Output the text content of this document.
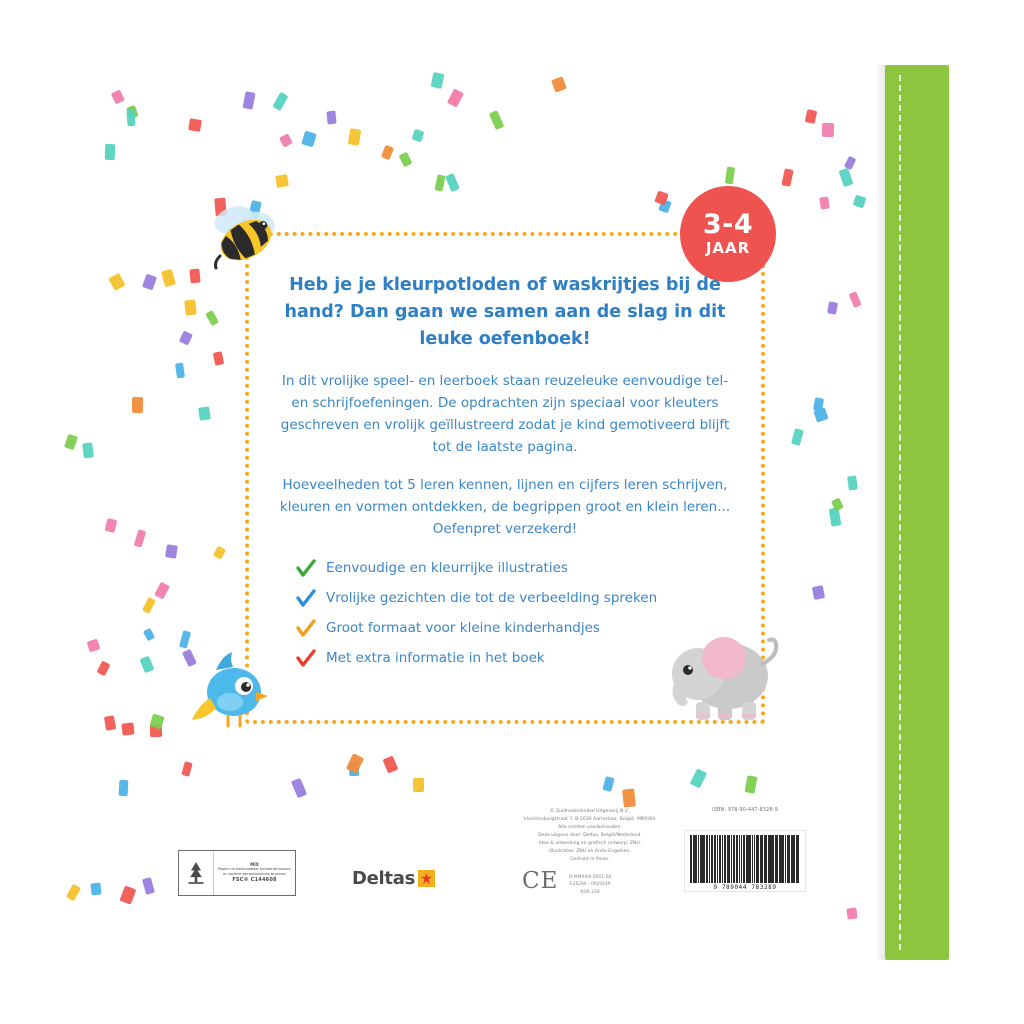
3-4
JAAR

Heb je je kleurpotloden of waskrijtjes bij de hand? Dan gaan we samen aan de slag in dit leuke oefenboek!

In dit vrolijke speel- en leerboek staan reuzeleuke eenvoudige tel- en schrijfoefeningen. De opdrachten zijn speciaal voor kleuters geschreven en vrolijk geïllustreerd zodat je kind gemotiveerd blijft tot de laatste pagina.

Hoeveelheden tot 5 leren kennen, lijnen en cijfers leren schrijven, kleuren en vormen ontdekken, de begrippen groot en klein leren... Oefenpret verzekerd!

Eenvoudige en kleurrijke illustraties
Vrolijke gezichten die tot de verbeelding spreken
Groot formaat voor kleine kinderhandjes
Met extra informatie in het boek
MIX
Papier uit betrouwbaar beheerde bossen en andere gecontroleerde bronnen
FSC® C144608	Deltas	CE
© Zuidnederlandse Uitgeverij N.V.,
Vluchtenburgstraat 7, B-2630 Aartselaar, België, MMXXIII.
Alle rechten voorbehouden.
Deze uitgave door: Deltas, België/Nederland.
Idee & uitwerking en grafisch ontwerp: ZNU.
Illustraties: ZNU en Ardia Engelsen.
Gedrukt in Polen.
D-MMXXIII-0001-28
F.26296 - 06J/0249
NUR 228
ISBN: 978-90-447-8328-9
9 789044 783289
